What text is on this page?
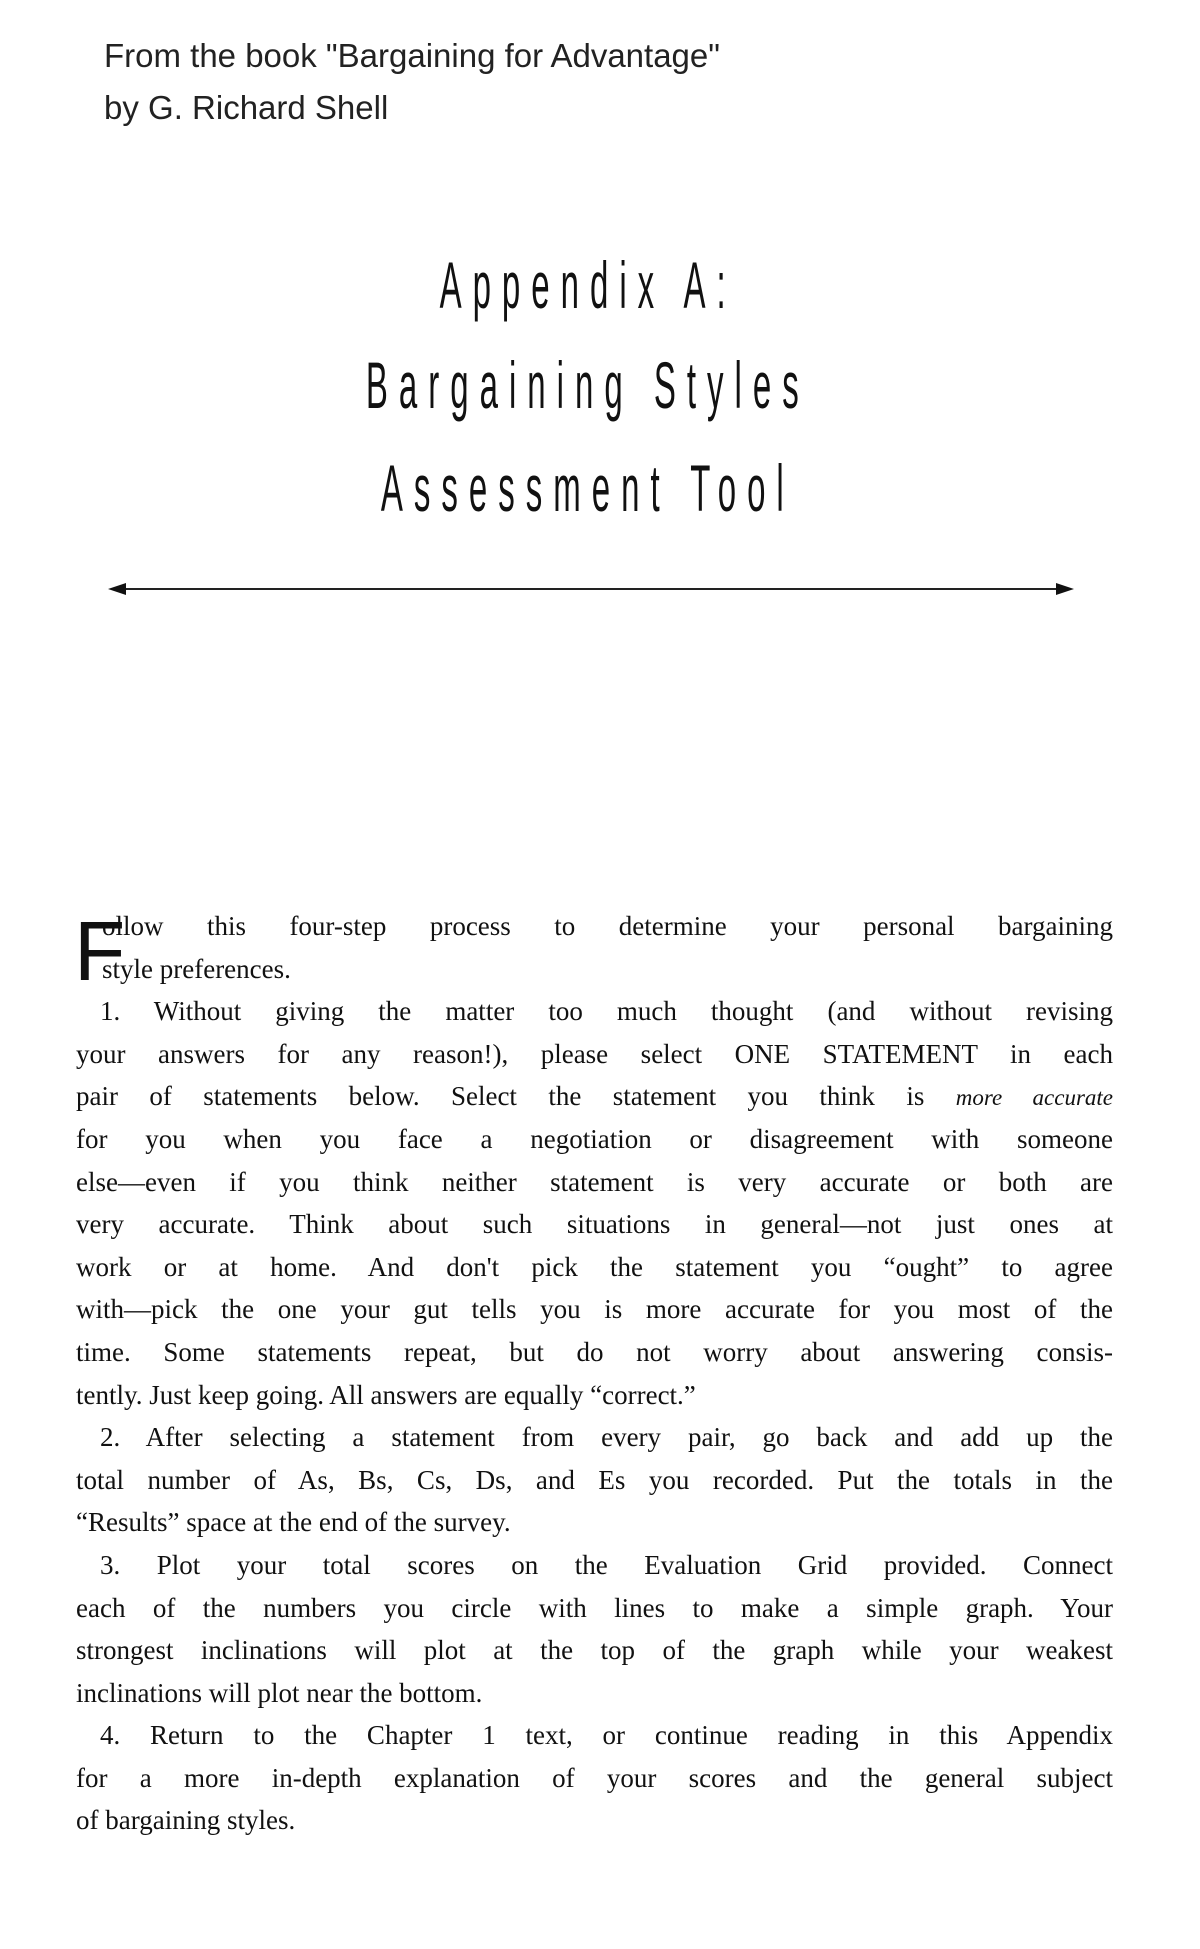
From the book "Bargaining for Advantage"
by G. Richard Shell
Appendix A:
Bargaining Styles
Assessment Tool
F
ollow this four-step process to determine your personal bargaining
style preferences.
1. Without giving the matter too much thought (and without revising
your answers for any reason!), please select ONE STATEMENT in each
pair of statements below. Select the statement you think is more accurate
for you when you face a negotiation or disagreement with someone
else—even if you think neither statement is very accurate or both are
very accurate. Think about such situations in general—not just ones at
work or at home. And don't pick the statement you “ought” to agree
with—pick the one your gut tells you is more accurate for you most of the
time. Some statements repeat, but do not worry about answering consis-
tently. Just keep going. All answers are equally “correct.”
2. After selecting a statement from every pair, go back and add up the
total number of As, Bs, Cs, Ds, and Es you recorded. Put the totals in the
“Results” space at the end of the survey.
3. Plot your total scores on the Evaluation Grid provided. Connect
each of the numbers you circle with lines to make a simple graph. Your
strongest inclinations will plot at the top of the graph while your weakest
inclinations will plot near the bottom.
4. Return to the Chapter 1 text, or continue reading in this Appendix
for a more in-depth explanation of your scores and the general subject
of bargaining styles.
